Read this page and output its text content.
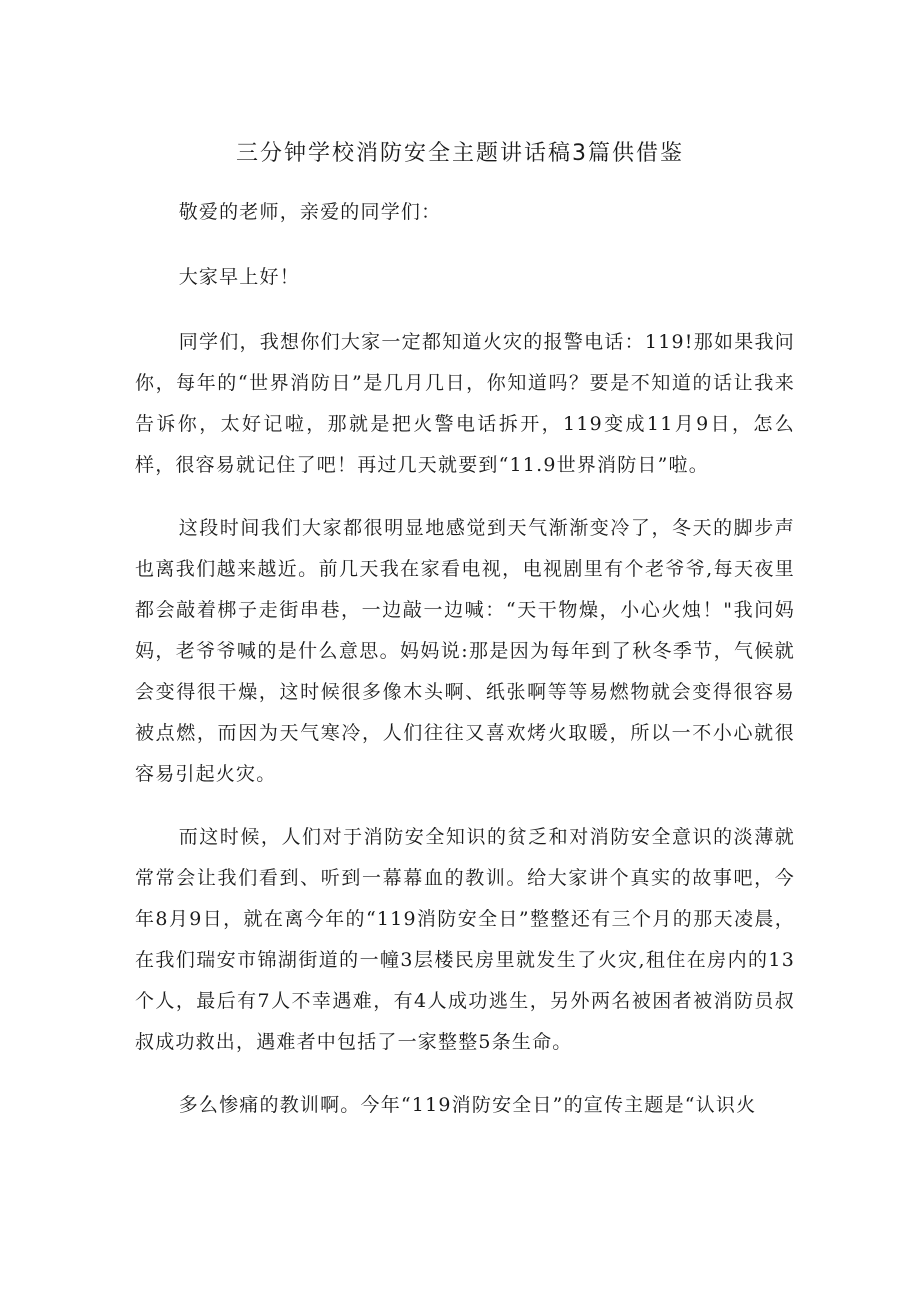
三分钟学校消防安全主题讲话稿3篇供借鉴

敬爱的老师，亲爱的同学们：

大家早上好！

同学们，我想你们大家一定都知道火灾的报警电话：119!那如果我问你，每年的“世界消防日”是几月几日，你知道吗？要是不知道的话让我来告诉你，太好记啦，那就是把火警电话拆开，119变成11月9日，怎么样，很容易就记住了吧！再过几天就要到“11.9世界消防日”啦。

这段时间我们大家都很明显地感觉到天气渐渐变冷了，冬天的脚步声也离我们越来越近。前几天我在家看电视，电视剧里有个老爷爷,每天夜里都会敲着梆子走街串巷，一边敲一边喊：“天干物燥，小心火烛！"我问妈妈，老爷爷喊的是什么意思。妈妈说:那是因为每年到了秋冬季节，气候就会变得很干燥，这时候很多像木头啊、纸张啊等等易燃物就会变得很容易被点燃，而因为天气寒冷，人们往往又喜欢烤火取暖，所以一不小心就很容易引起火灾。

而这时候，人们对于消防安全知识的贫乏和对消防安全意识的淡薄就常常会让我们看到、听到一幕幕血的教训。给大家讲个真实的故事吧，今年8月9日，就在离今年的“119消防安全日”整整还有三个月的那天凌晨，在我们瑞安市锦湖街道的一幢3层楼民房里就发生了火灾,租住在房内的13个人，最后有7人不幸遇难，有4人成功逃生，另外两名被困者被消防员叔叔成功救出，遇难者中包括了一家整整5条生命。

多么惨痛的教训啊。今年“119消防安全日”的宣传主题是“认识火
